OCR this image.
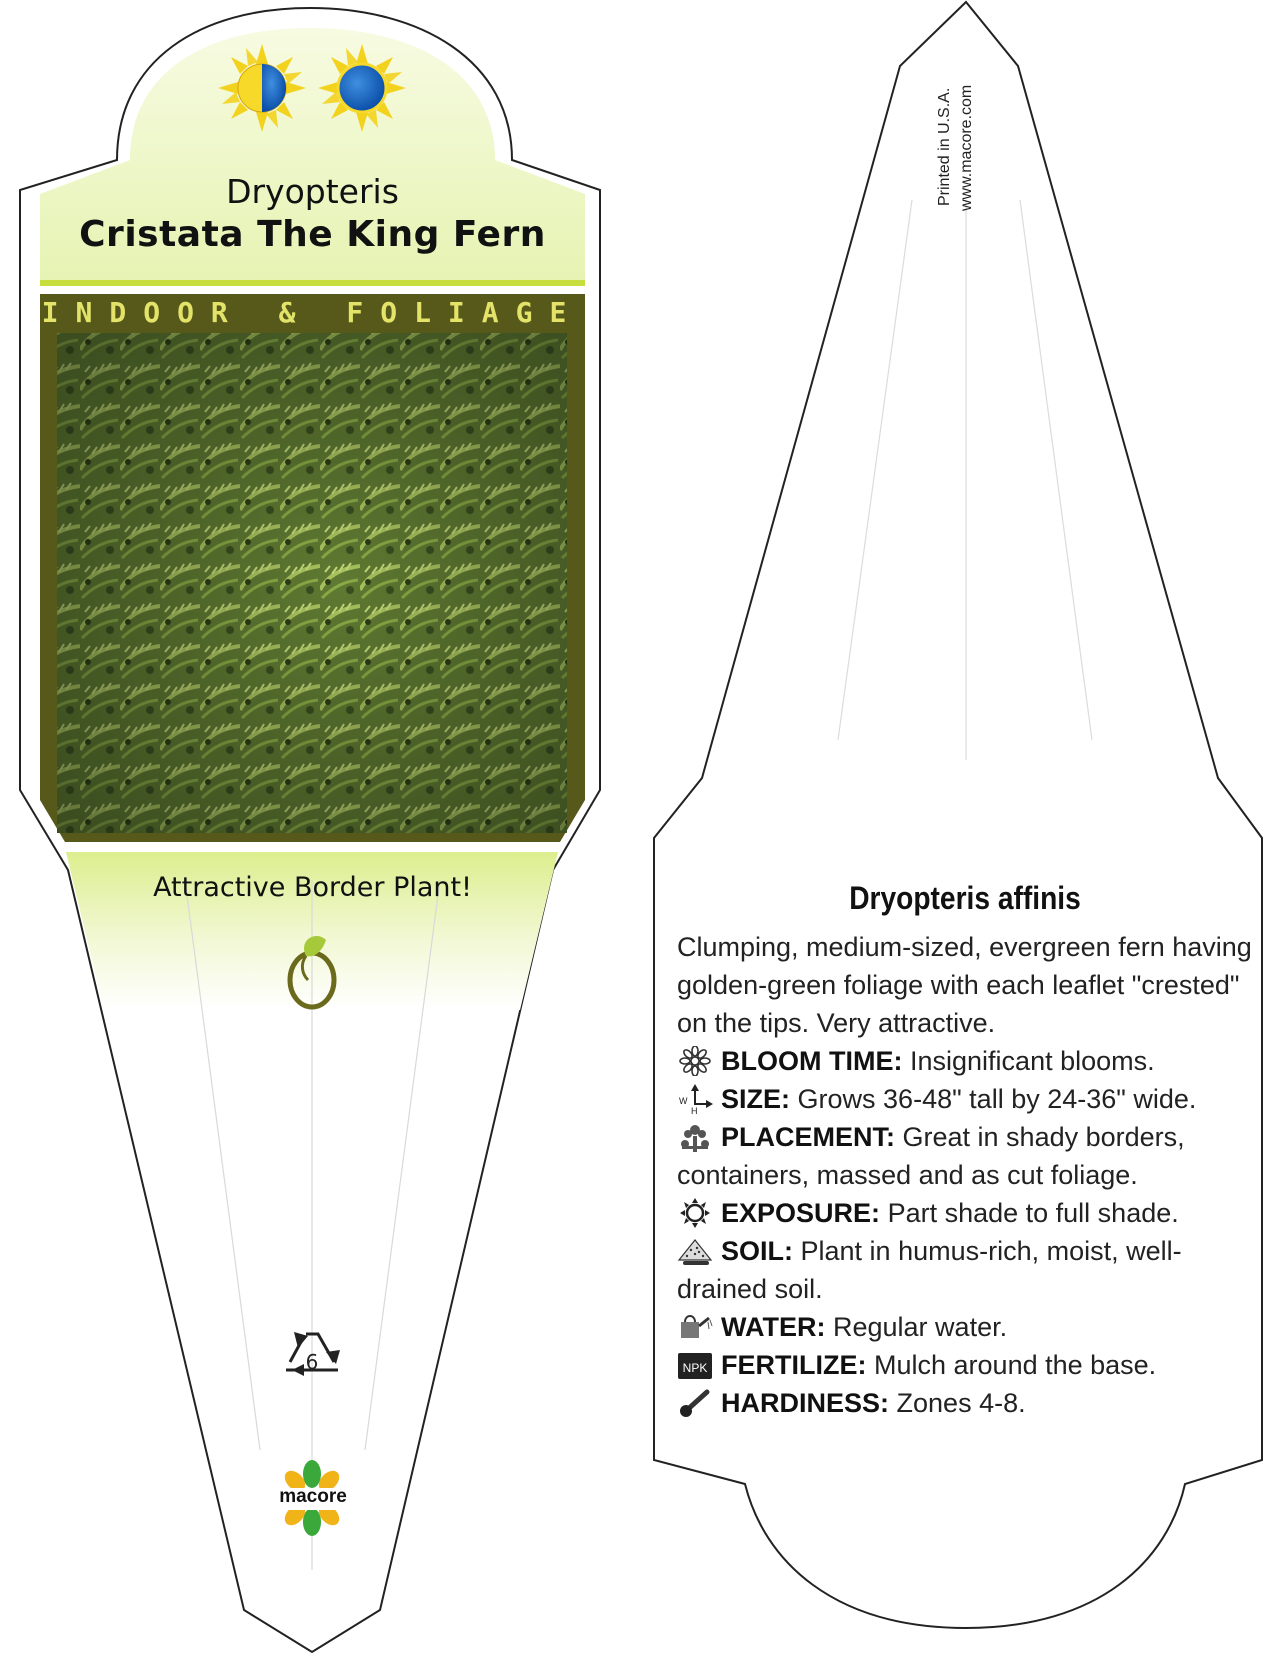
Dryopteris
Cristata The King Fern
INDOOR & FOLIAGE
Attractive Border Plant!
6
macore
Printed in U.S.A. www.macore.com
Dryopteris affinis

Clumping, medium-sized, evergreen fern having golden-green foliage with each leaflet "crested" on the tips. Very attractive.

BLOOM TIME: Insignificant blooms.

W
H SIZE: Grows 36-48" tall by 24-36" wide.

PLACEMENT: Great in shady borders, containers, massed and as cut foliage.

EXPOSURE: Part shade to full shade.

SOIL: Plant in humus-rich, moist, well-drained soil.

WATER: Regular water.

NPK FERTILIZE: Mulch around the base.

HARDINESS: Zones 4-8.
